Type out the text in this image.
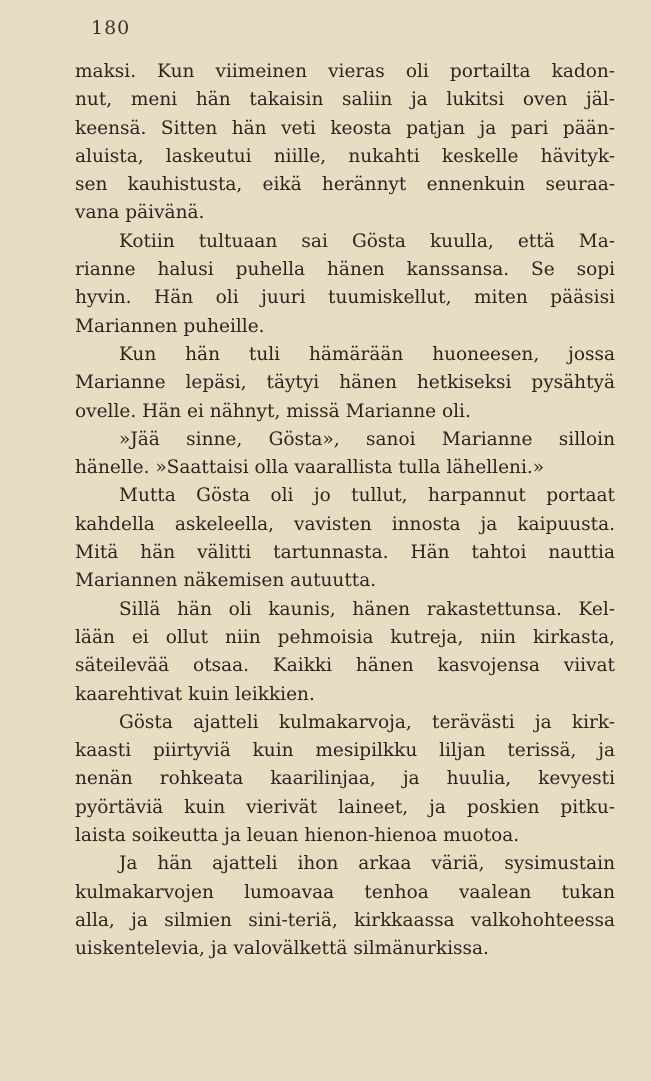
180
maksi. Kun viimeinen vieras oli portailta kadon-
nut, meni hän takaisin saliin ja lukitsi oven jäl-
keensä. Sitten hän veti keosta patjan ja pari pään-
aluista, laskeutui niille, nukahti keskelle hävityk-
sen kauhistusta, eikä herännyt ennenkuin seuraa-
vana päivänä.
Kotiin tultuaan sai Gösta kuulla, että Ma-
rianne halusi puhella hänen kanssansa. Se sopi
hyvin. Hän oli juuri tuumiskellut, miten pääsisi
Mariannen puheille.
Kun hän tuli hämärään huoneesen, jossa
Marianne lepäsi, täytyi hänen hetkiseksi pysähtyä
ovelle. Hän ei nähnyt, missä Marianne oli.
»Jää sinne, Gösta», sanoi Marianne silloin
hänelle. »Saattaisi olla vaarallista tulla lähelleni.»
Mutta Gösta oli jo tullut, harpannut portaat
kahdella askeleella, vavisten innosta ja kaipuusta.
Mitä hän välitti tartunnasta. Hän tahtoi nauttia
Mariannen näkemisen autuutta.
Sillä hän oli kaunis, hänen rakastettunsa. Kel-
lään ei ollut niin pehmoisia kutreja, niin kirkasta,
säteilevää otsaa. Kaikki hänen kasvojensa viivat
kaarehtivat kuin leikkien.
Gösta ajatteli kulmakarvoja, terävästi ja kirk-
kaasti piirtyviä kuin mesipilkku liljan terissä, ja
nenän rohkeata kaarilinjaa, ja huulia, kevyesti
pyörtäviä kuin vierivät laineet, ja poskien pitku-
laista soikeutta ja leuan hienon-hienoa muotoa.
Ja hän ajatteli ihon arkaa väriä, sysimustain
kulmakarvojen lumoavaa tenhoa vaalean tukan
alla, ja silmien sini-teriä, kirkkaassa valkohohteessa
uiskentelevia, ja valovälkettä silmänurkissa.
